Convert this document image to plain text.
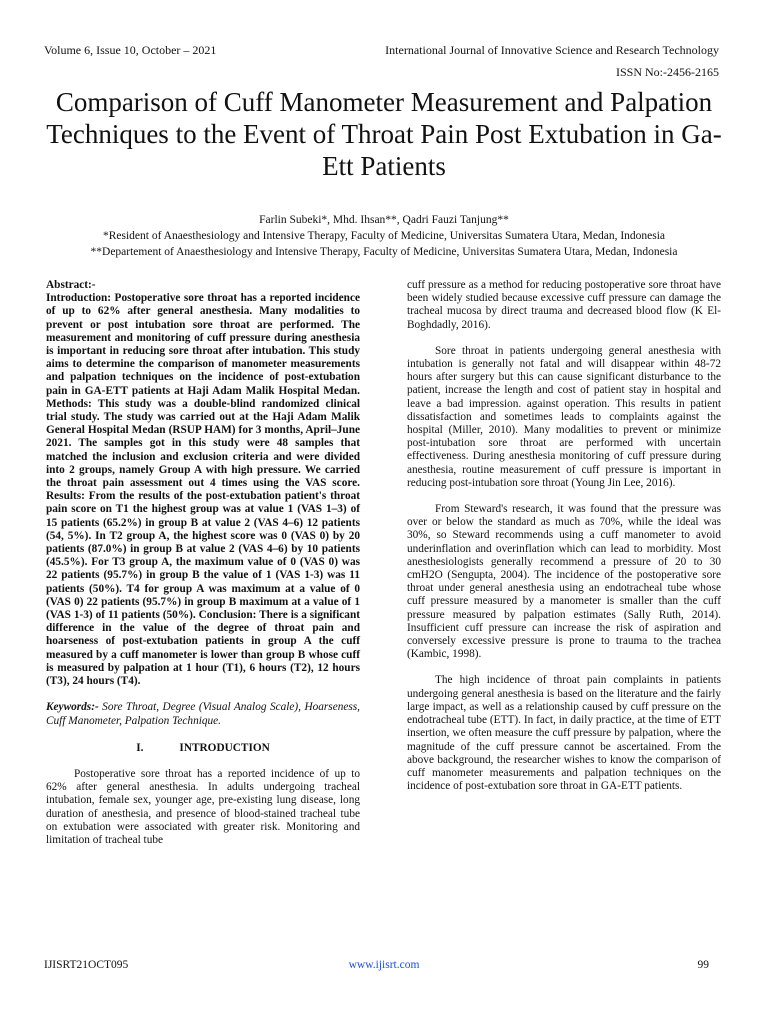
Volume 6, Issue 10, October – 2021	International Journal of Innovative Science and Research Technology
ISSN No:-2456-2165
Comparison of Cuff Manometer Measurement and Palpation Techniques to the Event of Throat Pain Post Extubation in Ga-Ett Patients
Farlin Subeki*, Mhd. Ihsan**, Qadri Fauzi Tanjung**
*Resident of Anaesthesiology and Intensive Therapy, Faculty of Medicine, Universitas Sumatera Utara, Medan, Indonesia
**Departement of Anaesthesiology and Intensive Therapy, Faculty of Medicine, Universitas Sumatera Utara, Medan, Indonesia

Abstract:-

Introduction: Postoperative sore throat has a reported incidence of up to 62% after general anesthesia. Many modalities to prevent or post intubation sore throat are performed. The measurement and monitoring of cuff pressure during anesthesia is important in reducing sore throat after intubation. This study aims to determine the comparison of manometer measurements and palpation techniques on the incidence of post-extubation pain in GA-ETT patients at Haji Adam Malik Hospital Medan. Methods: This study was a double-blind randomized clinical trial study. The study was carried out at the Haji Adam Malik General Hospital Medan (RSUP HAM) for 3 months, April–June 2021. The samples got in this study were 48 samples that matched the inclusion and exclusion criteria and were divided into 2 groups, namely Group A with high pressure. We carried the throat pain assessment out 4 times using the VAS score. Results: From the results of the post-extubation patient's throat pain score on T1 the highest group was at value 1 (VAS 1–3) of 15 patients (65.2%) in group B at value 2 (VAS 4–6) 12 patients (54, 5%). In T2 group A, the highest score was 0 (VAS 0) by 20 patients (87.0%) in group B at value 2 (VAS 4–6) by 10 patients (45.5%). For T3 group A, the maximum value of 0 (VAS 0) was 22 patients (95.7%) in group B the value of 1 (VAS 1-3) was 11 patients (50%). T4 for group A was maximum at a value of 0 (VAS 0) 22 patients (95.7%) in group B maximum at a value of 1 (VAS 1-3) of 11 patients (50%). Conclusion: There is a significant difference in the value of the degree of throat pain and hoarseness of post-extubation patients in group A the cuff measured by a cuff manometer is lower than group B whose cuff is measured by palpation at 1 hour (T1), 6 hours (T2), 12 hours (T3), 24 hours (T4).

Keywords:- Sore Throat, Degree (Visual Analog Scale), Hoarseness, Cuff Manometer, Palpation Technique.

I.	INTRODUCTION

Postoperative sore throat has a reported incidence of up to 62% after general anesthesia. In adults undergoing tracheal intubation, female sex, younger age, pre-existing lung disease, long duration of anesthesia, and presence of blood-stained tracheal tube on extubation were associated with greater risk. Monitoring and limitation of tracheal tube

cuff pressure as a method for reducing postoperative sore throat have been widely studied because excessive cuff pressure can damage the tracheal mucosa by direct trauma and decreased blood flow (K El-Boghdadly, 2016).

Sore throat in patients undergoing general anesthesia with intubation is generally not fatal and will disappear within 48-72 hours after surgery but this can cause significant disturbance to the patient, increase the length and cost of patient stay in hospital and leave a bad impression. against operation. This results in patient dissatisfaction and sometimes leads to complaints against the hospital (Miller, 2010). Many modalities to prevent or minimize post-intubation sore throat are performed with uncertain effectiveness. During anesthesia monitoring of cuff pressure during anesthesia, routine measurement of cuff pressure is important in reducing post-intubation sore throat (Young Jin Lee, 2016).

From Steward's research, it was found that the pressure was over or below the standard as much as 70%, while the ideal was 30%, so Steward recommends using a cuff manometer to avoid underinflation and overinflation which can lead to morbidity. Most anesthesiologists generally recommend a pressure of 20 to 30 cmH2O (Sengupta, 2004). The incidence of the postoperative sore throat under general anesthesia using an endotracheal tube whose cuff pressure measured by a manometer is smaller than the cuff pressure measured by palpation estimates (Sally Ruth, 2014). Insufficient cuff pressure can increase the risk of aspiration and conversely excessive pressure is prone to trauma to the trachea (Kambic, 1998).

The high incidence of throat pain complaints in patients undergoing general anesthesia is based on the literature and the fairly large impact, as well as a relationship caused by cuff pressure on the endotracheal tube (ETT). In fact, in daily practice, at the time of ETT insertion, we often measure the cuff pressure by palpation, where the magnitude of the cuff pressure cannot be ascertained. From the above background, the researcher wishes to know the comparison of cuff manometer measurements and palpation techniques on the incidence of post-extubation sore throat in GA-ETT patients.

IJISRT21OCT095	www.ijisrt.com	99
